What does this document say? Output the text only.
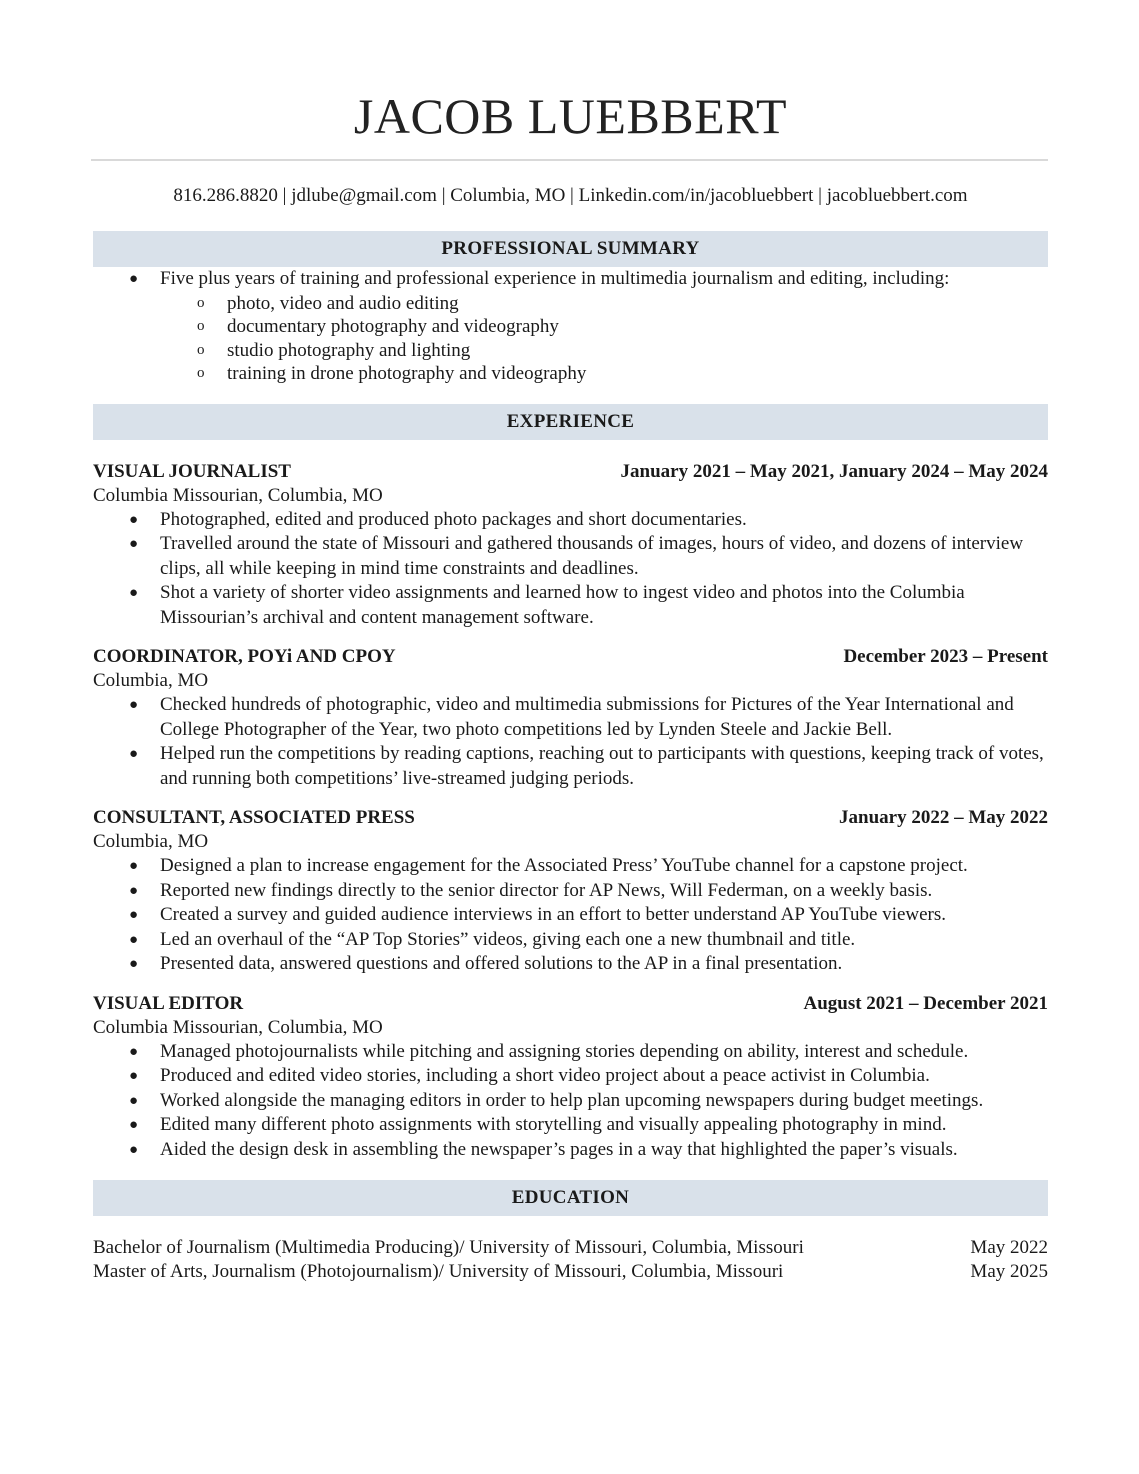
JACOB LUEBBERT
816.286.8820 | jdlube@gmail.com | Columbia, MO | Linkedin.com/in/jacobluebbert | jacobluebbert.com
PROFESSIONAL SUMMARY
● Five plus years of training and professional experience in multimedia journalism and editing, including:
o photo, video and audio editing
o documentary photography and videography
o studio photography and lighting
o training in drone photography and videography
EXPERIENCE
VISUAL JOURNALIST	January 2021 – May 2021, January 2024 – May 2024
Columbia Missourian, Columbia, MO
● Photographed, edited and produced photo packages and short documentaries.
● Travelled around the state of Missouri and gathered thousands of images, hours of video, and dozens of interview clips, all while keeping in mind time constraints and deadlines.
● Shot a variety of shorter video assignments and learned how to ingest video and photos into the Columbia Missourian’s archival and content management software.
COORDINATOR, POYi AND CPOY	December 2023 – Present
Columbia, MO
● Checked hundreds of photographic, video and multimedia submissions for Pictures of the Year International and College Photographer of the Year, two photo competitions led by Lynden Steele and Jackie Bell.
● Helped run the competitions by reading captions, reaching out to participants with questions, keeping track of votes, and running both competitions’ live-streamed judging periods.
CONSULTANT, ASSOCIATED PRESS	January 2022 – May 2022
Columbia, MO
● Designed a plan to increase engagement for the Associated Press’ YouTube channel for a capstone project.
● Reported new findings directly to the senior director for AP News, Will Federman, on a weekly basis.
● Created a survey and guided audience interviews in an effort to better understand AP YouTube viewers.
● Led an overhaul of the “AP Top Stories” videos, giving each one a new thumbnail and title.
● Presented data, answered questions and offered solutions to the AP in a final presentation.
VISUAL EDITOR	August 2021 – December 2021
Columbia Missourian, Columbia, MO
● Managed photojournalists while pitching and assigning stories depending on ability, interest and schedule.
● Produced and edited video stories, including a short video project about a peace activist in Columbia.
● Worked alongside the managing editors in order to help plan upcoming newspapers during budget meetings.
● Edited many different photo assignments with storytelling and visually appealing photography in mind.
● Aided the design desk in assembling the newspaper’s pages in a way that highlighted the paper’s visuals.
EDUCATION
Bachelor of Journalism (Multimedia Producing)/ University of Missouri, Columbia, Missouri	May 2022
Master of Arts, Journalism (Photojournalism)/ University of Missouri, Columbia, Missouri	May 2025
